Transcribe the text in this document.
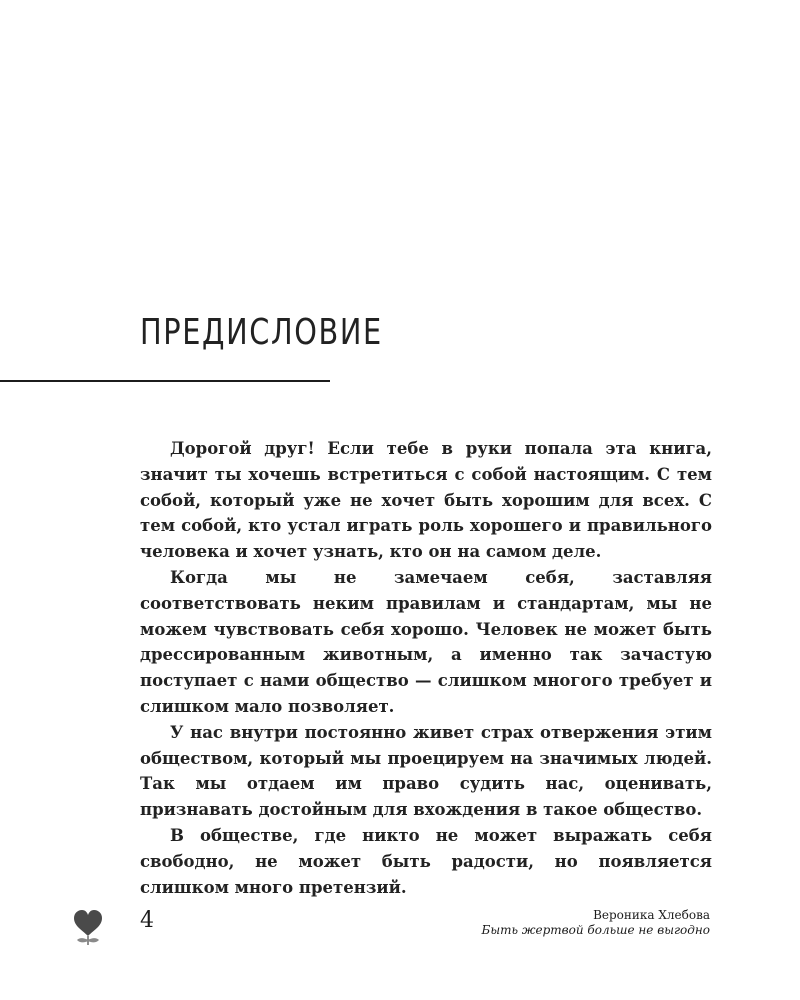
ПРЕДИСЛОВИЕ

Дорогой друг! Если тебе в руки попала эта книга, значит ты хочешь встретиться с собой настоящим. С тем собой, который уже не хочет быть хорошим для всех. С тем собой, кто устал играть роль хорошего и правильного человека и хочет узнать, кто он на самом деле.

Когда мы не замечаем себя, заставляя соответствовать неким правилам и стандартам, мы не можем чувствовать себя хорошо. Человек не может быть дрессированным животным, а именно так зачастую поступает с нами общество — слишком многого требует и слишком мало позволяет.

У нас внутри постоянно живет страх отвержения этим обществом, который мы проецируем на значимых людей. Так мы отдаем им право судить нас, оценивать, признавать достойным для вхождения в такое общество.

В обществе, где никто не может выражать себя свободно, не может быть радости, но появляется слишком много претензий.

4	Вероника Хлебова
Быть жертвой больше не выгодно
